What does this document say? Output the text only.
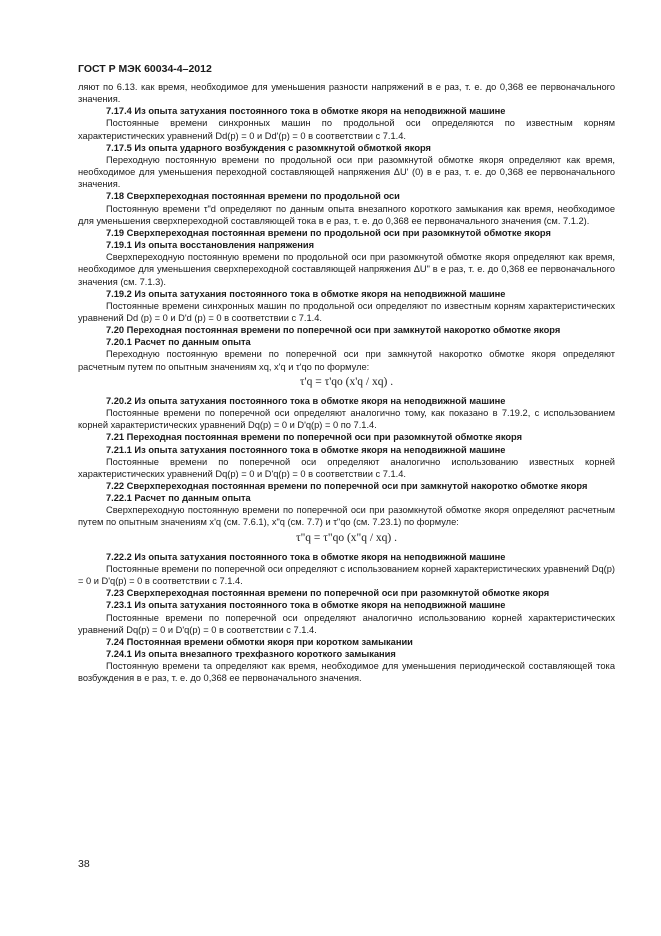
ГОСТ Р МЭК 60034-4–2012

ляют по 6.13. как время, необходимое для уменьшения разности напряжений в е раз, т. е. до 0,368 ее первоначального значения.

7.17.4 Из опыта затухания постоянного тока в обмотке якоря на неподвижной машине

Постоянные времени синхронных машин по продольной оси определяются по известным корням характеристических уравнений Dd(p) = 0 и Dd'(p) = 0 в соответствии с 7.1.4.

7.17.5 Из опыта ударного возбуждения с разомкнутой обмоткой якоря

Переходную постоянную времени по продольной оси при разомкнутой обмотке якоря определяют как время, необходимое для уменьшения переходной составляющей напряжения ΔU' (0) в е раз, т. е. до 0,368 ее первоначального значения.

7.18 Сверхпереходная постоянная времени по продольной оси

Постоянную времени τ"d определяют по данным опыта внезапного короткого замыкания как время, необходимое для уменьшения сверхпереходной составляющей тока в е раз, т. е. до 0,368 ее первоначального значения (см. 7.1.2).

7.19 Сверхпереходная постоянная времени по продольной оси при разомкнутой обмотке якоря

7.19.1 Из опыта восстановления напряжения

Сверхпереходную постоянную времени по продольной оси при разомкнутой обмотке якоря определяют как время, необходимое для уменьшения сверхпереходной составляющей напряжения ΔU" в е раз, т. е. до 0,368 ее первоначального значения (см. 7.1.3).

7.19.2 Из опыта затухания постоянного тока в обмотке якоря на неподвижной машине

Постоянные времени синхронных машин по продольной оси определяют по известным корням характеристических уравнений Dd (p) = 0 и D'd (p) = 0 в соответствии с 7.1.4.

7.20 Переходная постоянная времени по поперечной оси при замкнутой накоротко обмотке якоря

7.20.1 Расчет по данным опыта

Переходную постоянную времени по поперечной оси при замкнутой накоротко обмотке якоря определяют расчетным путем по опытным значениям xq, x'q и τ'qo по формуле:

τ'q = τ'qo (x'q / xq) .

7.20.2 Из опыта затухания постоянного тока в обмотке якоря на неподвижной машине

Постоянные времени по поперечной оси определяют аналогично тому, как показано в 7.19.2, с использованием корней характеристических уравнений Dq(p) = 0 и D'q(p) = 0 по 7.1.4.

7.21 Переходная постоянная времени по поперечной оси при разомкнутой обмотке якоря

7.21.1 Из опыта затухания постоянного тока в обмотке якоря на неподвижной машине

Постоянные времени по поперечной оси определяют аналогично использованию известных корней характеристических уравнений Dq(p) = 0 и D'q(p) = 0 в соответствии с 7.1.4.

7.22 Сверхпереходная постоянная времени по поперечной оси при замкнутой накоротко обмотке якоря

7.22.1 Расчет по данным опыта

Сверхпереходную постоянную времени по поперечной оси при разомкнутой обмотке якоря определяют расчетным путем по опытным значениям x'q (см. 7.6.1), x"q (см. 7.7) и τ"qo (см. 7.23.1) по формуле:

τ"q = τ"qo (x"q / xq) .

7.22.2 Из опыта затухания постоянного тока в обмотке якоря на неподвижной машине

Постоянные времени по поперечной оси определяют с использованием корней характеристических уравнений Dq(p) = 0 и D'q(p) = 0 в соответствии с 7.1.4.

7.23 Сверхпереходная постоянная времени по поперечной оси при разомкнутой обмотке якоря

7.23.1 Из опыта затухания постоянного тока в обмотке якоря на неподвижной машине

Постоянные времени по поперечной оси определяют аналогично использованию корней характеристических уравнений Dq(p) = 0 и D'q(p) = 0 в соответствии с 7.1.4.

7.24 Постоянная времени обмотки якоря при коротком замыкании

7.24.1 Из опыта внезапного трехфазного короткого замыкания

Постоянную времени τa определяют как время, необходимое для уменьшения периодической составляющей тока возбуждения в е раз, т. е. до 0,368 ее первоначального значения.

38
